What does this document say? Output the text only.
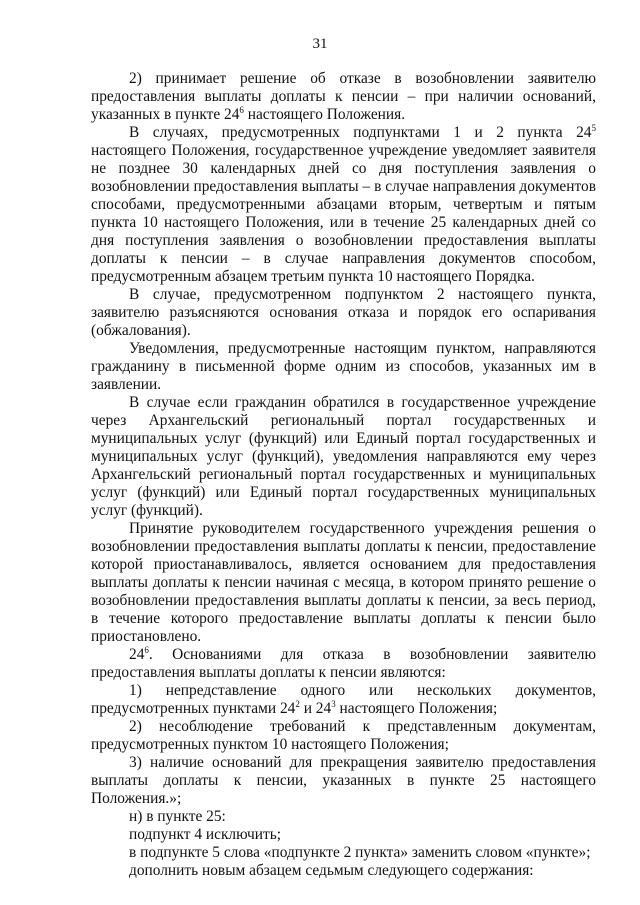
31

2) принимает решение об отказе в возобновлении заявителю предоставления выплаты доплаты к пенсии – при наличии оснований, указанных в пункте $24^6$ настоящего Положения.

В случаях, предусмотренных подпунктами 1 и 2 пункта $24^5$ настоящего Положения, государственное учреждение уведомляет заявителя не позднее 30 календарных дней со дня поступления заявления о возобновлении предоставления выплаты – в случае направления документов способами, предусмотренными абзацами вторым, четвертым и пятым пункта 10 настоящего Положения, или в течение 25 календарных дней со дня поступления заявления о возобновлении предоставления выплаты доплаты к пенсии – в случае направления документов способом, предусмотренным абзацем третьим пункта 10 настоящего Порядка.

В случае, предусмотренном подпунктом 2 настоящего пункта, заявителю разъясняются основания отказа и порядок его оспаривания (обжалования).

Уведомления, предусмотренные настоящим пунктом, направляются гражданину в письменной форме одним из способов, указанных им в заявлении.

В случае если гражданин обратился в государственное учреждение через Архангельский региональный портал государственных и муниципальных услуг (функций) или Единый портал государственных и муниципальных услуг (функций), уведомления направляются ему через Архангельский региональный портал государственных и муниципальных услуг (функций) или Единый портал государственных муниципальных услуг (функций).

Принятие руководителем государственного учреждения решения о возобновлении предоставления выплаты доплаты к пенсии, предоставление которой приостанавливалось, является основанием для предоставления выплаты доплаты к пенсии начиная с месяца, в котором принято решение о возобновлении предоставления выплаты доплаты к пенсии, за весь период, в течение которого предоставление выплаты доплаты к пенсии было приостановлено.

$24^6$. Основаниями для отказа в возобновлении заявителю предоставления выплаты доплаты к пенсии являются:

1) непредставление одного или нескольких документов, предусмотренных пунктами $24^2$ и $24^3$ настоящего Положения;

2) несоблюдение требований к представленным документам, предусмотренных пунктом 10 настоящего Положения;

3) наличие оснований для прекращения заявителю предоставления выплаты доплаты к пенсии, указанных в пункте 25 настоящего Положения.»;

н) в пункте 25:

подпункт 4 исключить;

в подпункте 5 слова «подпункте 2 пункта» заменить словом «пункте»;

дополнить новым абзацем седьмым следующего содержания:
